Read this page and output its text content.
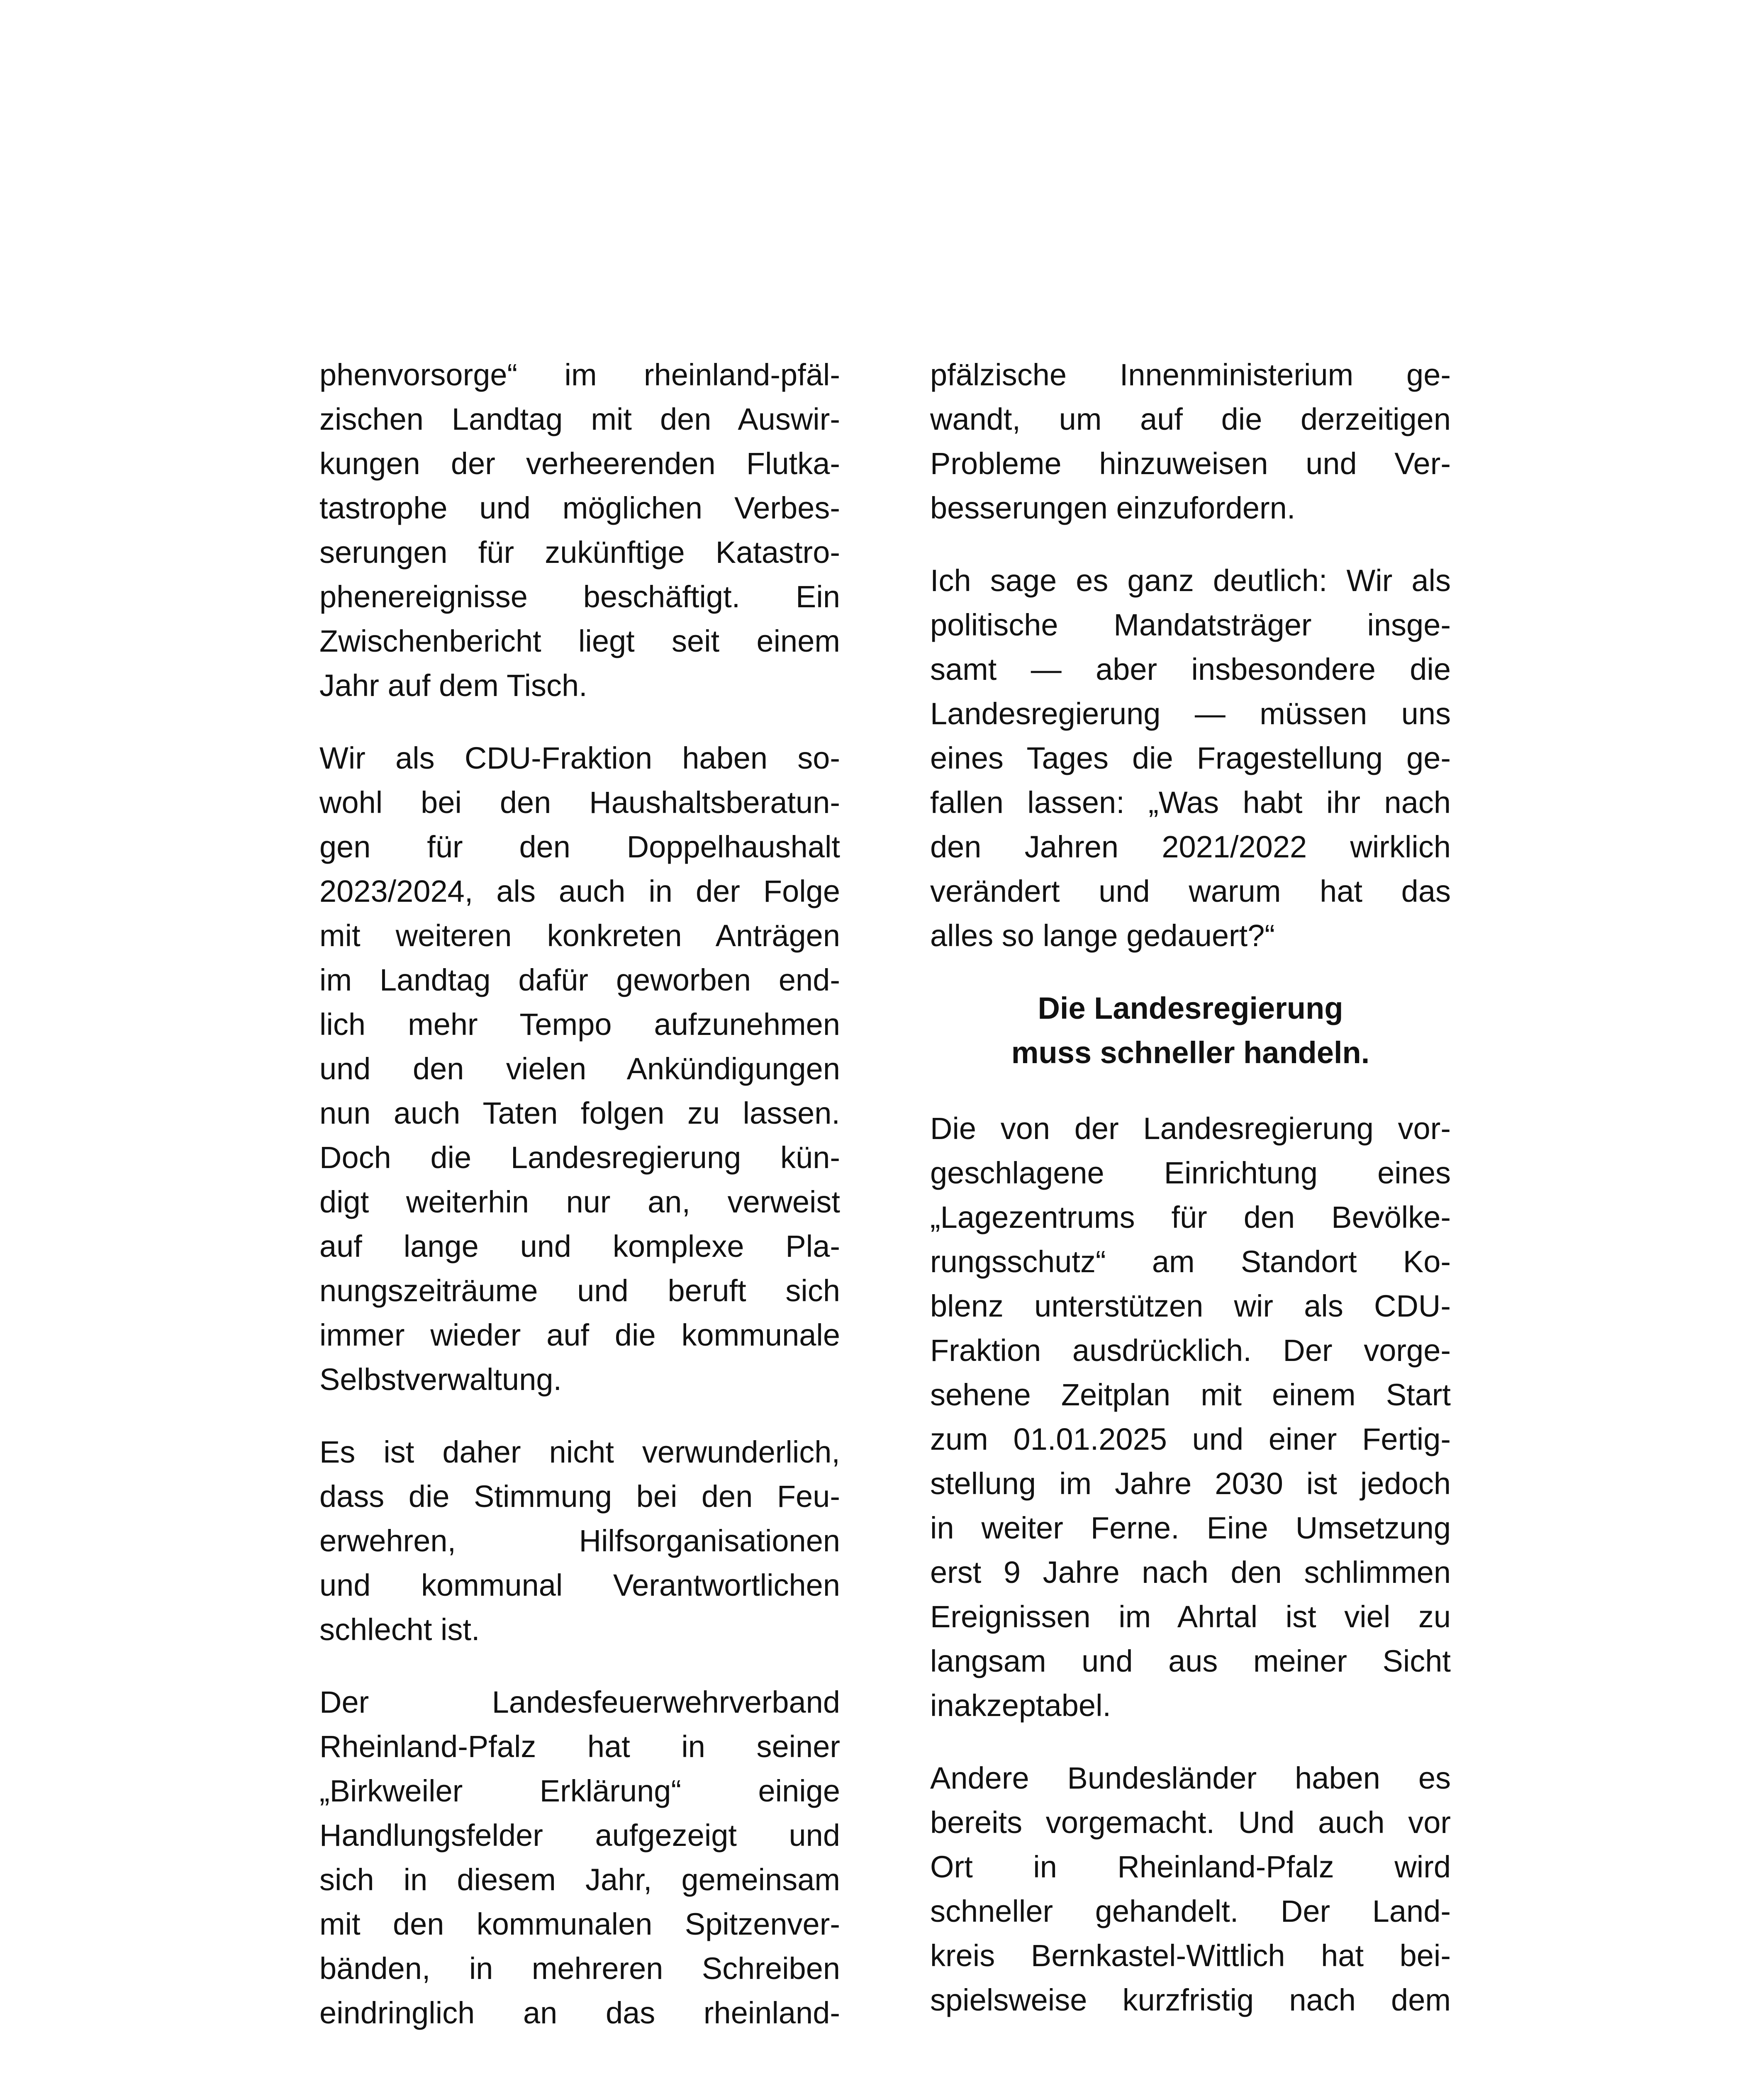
phenvorsorge“ im rheinland-pfäl-
zischen Landtag mit den Auswir-
kungen der verheerenden Flutka-
tastrophe und möglichen Verbes-
serungen für zukünftige Katastro-
phenereignisse beschäftigt. Ein
Zwischenbericht liegt seit einem
Jahr auf dem Tisch.

Wir als CDU-Fraktion haben so-
wohl bei den Haushaltsberatun-
gen für den Doppelhaushalt
2023/2024, als auch in der Folge
mit weiteren konkreten Anträgen
im Landtag dafür geworben end-
lich mehr Tempo aufzunehmen
und den vielen Ankündigungen
nun auch Taten folgen zu lassen.
Doch die Landesregierung kün-
digt weiterhin nur an, verweist
auf lange und komplexe Pla-
nungszeiträume und beruft sich
immer wieder auf die kommunale
Selbstverwaltung.

Es ist daher nicht verwunderlich,
dass die Stimmung bei den Feu-
erwehren, Hilfsorganisationen
und kommunal Verantwortlichen
schlecht ist.

Der Landesfeuerwehrverband
Rheinland-Pfalz hat in seiner
„Birkweiler Erklärung“ einige
Handlungsfelder aufgezeigt und
sich in diesem Jahr, gemeinsam
mit den kommunalen Spitzenver-
bänden, in mehreren Schreiben
eindringlich an das rheinland-

pfälzische Innenministerium ge-
wandt, um auf die derzeitigen
Probleme hinzuweisen und Ver-
besserungen einzufordern.

Ich sage es ganz deutlich: Wir als
politische Mandatsträger insge-
samt — aber insbesondere die
Landesregierung — müssen uns
eines Tages die Fragestellung ge-
fallen lassen: „Was habt ihr nach
den Jahren 2021/2022 wirklich
verändert und warum hat das
alles so lange gedauert?“

Die Landesregierung
muss schneller handeln.

Die von der Landesregierung vor-
geschlagene Einrichtung eines
„Lagezentrums für den Bevölke-
rungsschutz“ am Standort Ko-
blenz unterstützen wir als CDU-
Fraktion ausdrücklich. Der vorge-
sehene Zeitplan mit einem Start
zum 01.01.2025 und einer Fertig-
stellung im Jahre 2030 ist jedoch
in weiter Ferne. Eine Umsetzung
erst 9 Jahre nach den schlimmen
Ereignissen im Ahrtal ist viel zu
langsam und aus meiner Sicht
inakzeptabel.

Andere Bundesländer haben es
bereits vorgemacht. Und auch vor
Ort in Rheinland-Pfalz wird
schneller gehandelt. Der Land-
kreis Bernkastel-Wittlich hat bei-
spielsweise kurzfristig nach dem
